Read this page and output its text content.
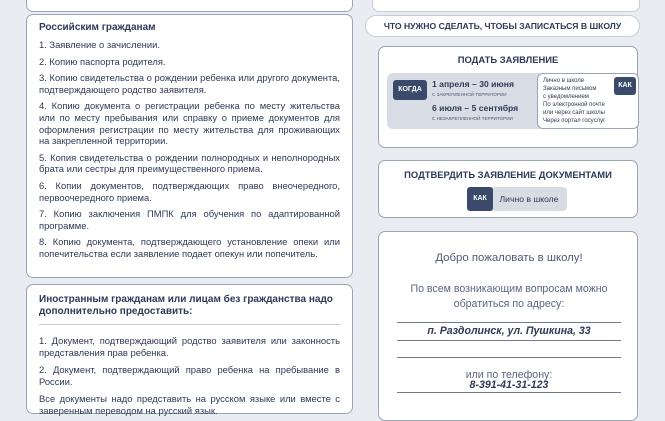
Российским гражданам
1. Заявление о зачислении.
2. Копию паспорта родителя.
3. Копию свидетельства о рождении ребенка или другого документа, подтверждающего родство заявителя.
4. Копию документа о регистрации ребенка по месту жительства или по месту пребывания или справку о приеме документов для оформления регистрации по месту жительства для проживающих на закрепленной территории.
5. Копия свидетельства о рождении полнородных и неполнородных брата или сестры для преимущественного приема.
6. Копии документов, подтверждающих право внеочередного, первоочередного приема.
7. Копию заключения ПМПК для обучения по адаптированной программе.
8. Копию документа, подтверждающего установление опеки или попечительства если заявление подает опекун или попечитель.
Иностранным гражданам или лицам без гражданства надо дополнительно предоставить:
1. Документ, подтверждающий родство заявителя или законность представления прав ребенка.
2. Документ, подтверждающий право ребенка на пребывание в России.
Все документы надо представить на русском языке или вместе с заверенным переводом на русский язык.
ЧТО НУЖНО СДЕЛАТЬ, ЧТОБЫ ЗАПИСАТЬСЯ В ШКОЛУ
ПОДАТЬ ЗАЯВЛЕНИЕ
КОГДА
1 апреля – 30 июня
С ЗАКРЕПЛЕННОЙ ТЕРРИТОРИИ
6 июля – 5 сентября
С НЕЗАКРЕПЛЕННОЙ ТЕРРИТОРИИ
КАК
Лично в школе
Заказным письмом
с уведомлением
По электронной почте
или через сайт школы
Через портал госуслуг
ПОДТВЕРДИТЬ ЗАЯВЛЕНИЕ ДОКУМЕНТАМИ
Лично в школе
КАК
Добро пожаловать в школу!
По всем возникающим вопросам можно
обратиться по адресу:
п. Раздолинск, ул. Пушкина, 33
или по телефону:
8-391-41-31-123
